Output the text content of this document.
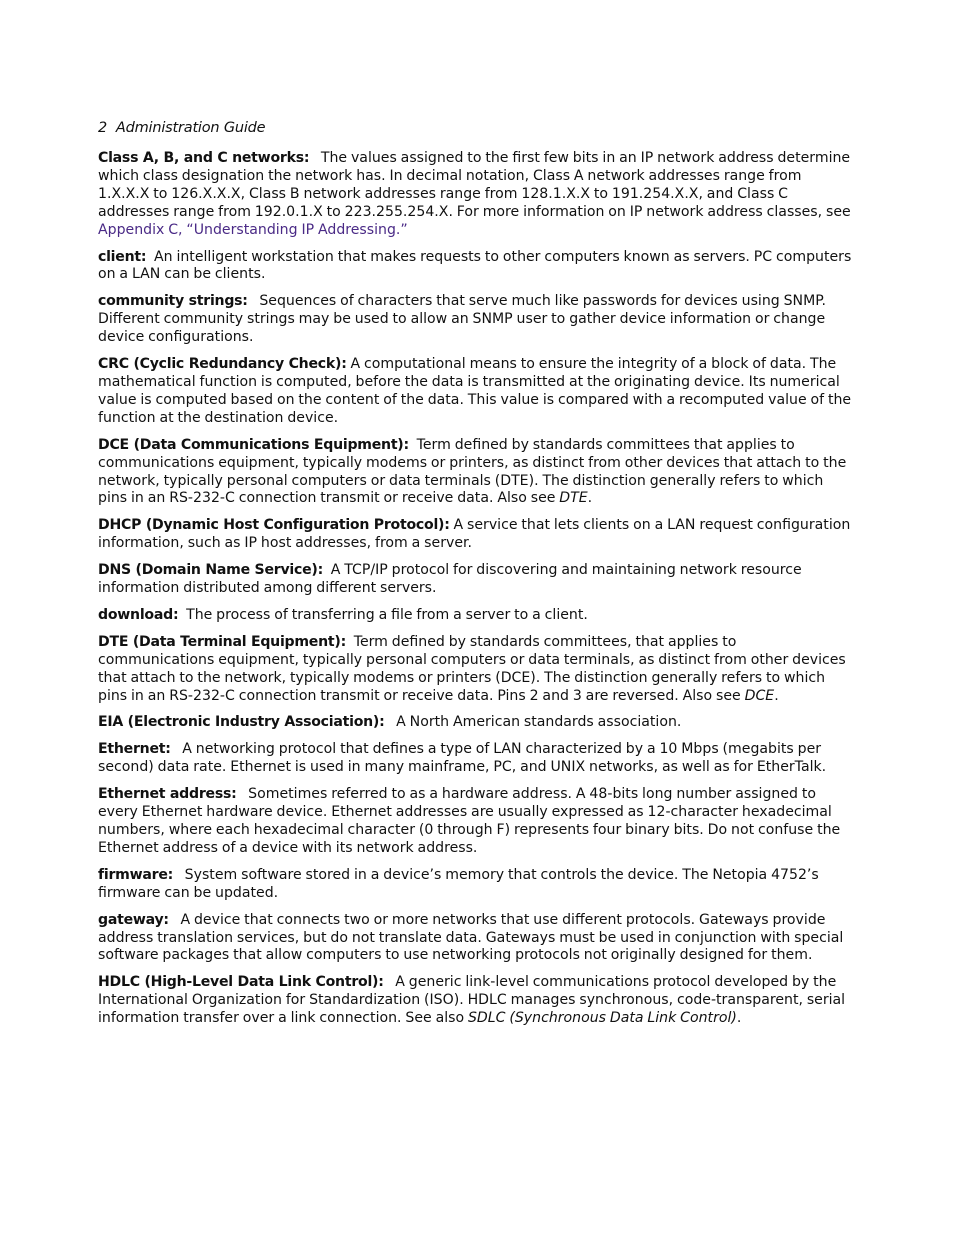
2 Administration Guide

Class A, B, and C networks: The values assigned to the first few bits in an IP network address determine which class designation the network has. In decimal notation, Class A network addresses range from 1.X.X.X to 126.X.X.X, Class B network addresses range from 128.1.X.X to 191.254.X.X, and Class C addresses range from 192.0.1.X to 223.255.254.X. For more information on IP network address classes, see Appendix C, “Understanding IP Addressing.”

client: An intelligent workstation that makes requests to other computers known as servers. PC computers on a LAN can be clients.

community strings: Sequences of characters that serve much like passwords for devices using SNMP. Different community strings may be used to allow an SNMP user to gather device information or change device configurations.

CRC (Cyclic Redundancy Check): A computational means to ensure the integrity of a block of data. The mathematical function is computed, before the data is transmitted at the originating device. Its numerical value is computed based on the content of the data. This value is compared with a recomputed value of the function at the destination device.

DCE (Data Communications Equipment): Term defined by standards committees that applies to communications equipment, typically modems or printers, as distinct from other devices that attach to the network, typically personal computers or data terminals (DTE). The distinction generally refers to which pins in an RS-232-C connection transmit or receive data. Also see DTE.

DHCP (Dynamic Host Configuration Protocol): A service that lets clients on a LAN request configuration information, such as IP host addresses, from a server.

DNS (Domain Name Service): A TCP/IP protocol for discovering and maintaining network resource information distributed among different servers.

download: The process of transferring a file from a server to a client.

DTE (Data Terminal Equipment): Term defined by standards committees, that applies to communications equipment, typically personal computers or data terminals, as distinct from other devices that attach to the network, typically modems or printers (DCE). The distinction generally refers to which pins in an RS-232-C connection transmit or receive data. Pins 2 and 3 are reversed. Also see DCE.

EIA (Electronic Industry Association): A North American standards association.

Ethernet: A networking protocol that defines a type of LAN characterized by a 10 Mbps (megabits per second) data rate. Ethernet is used in many mainframe, PC, and UNIX networks, as well as for EtherTalk.

Ethernet address: Sometimes referred to as a hardware address. A 48-bits long number assigned to every Ethernet hardware device. Ethernet addresses are usually expressed as 12-character hexadecimal numbers, where each hexadecimal character (0 through F) represents four binary bits. Do not confuse the Ethernet address of a device with its network address.

firmware: System software stored in a device’s memory that controls the device. The Netopia 4752’s firmware can be updated.

gateway: A device that connects two or more networks that use different protocols. Gateways provide address translation services, but do not translate data. Gateways must be used in conjunction with special software packages that allow computers to use networking protocols not originally designed for them.

HDLC (High-Level Data Link Control): A generic link-level communications protocol developed by the International Organization for Standardization (ISO). HDLC manages synchronous, code-transparent, serial information transfer over a link connection. See also SDLC (Synchronous Data Link Control).
